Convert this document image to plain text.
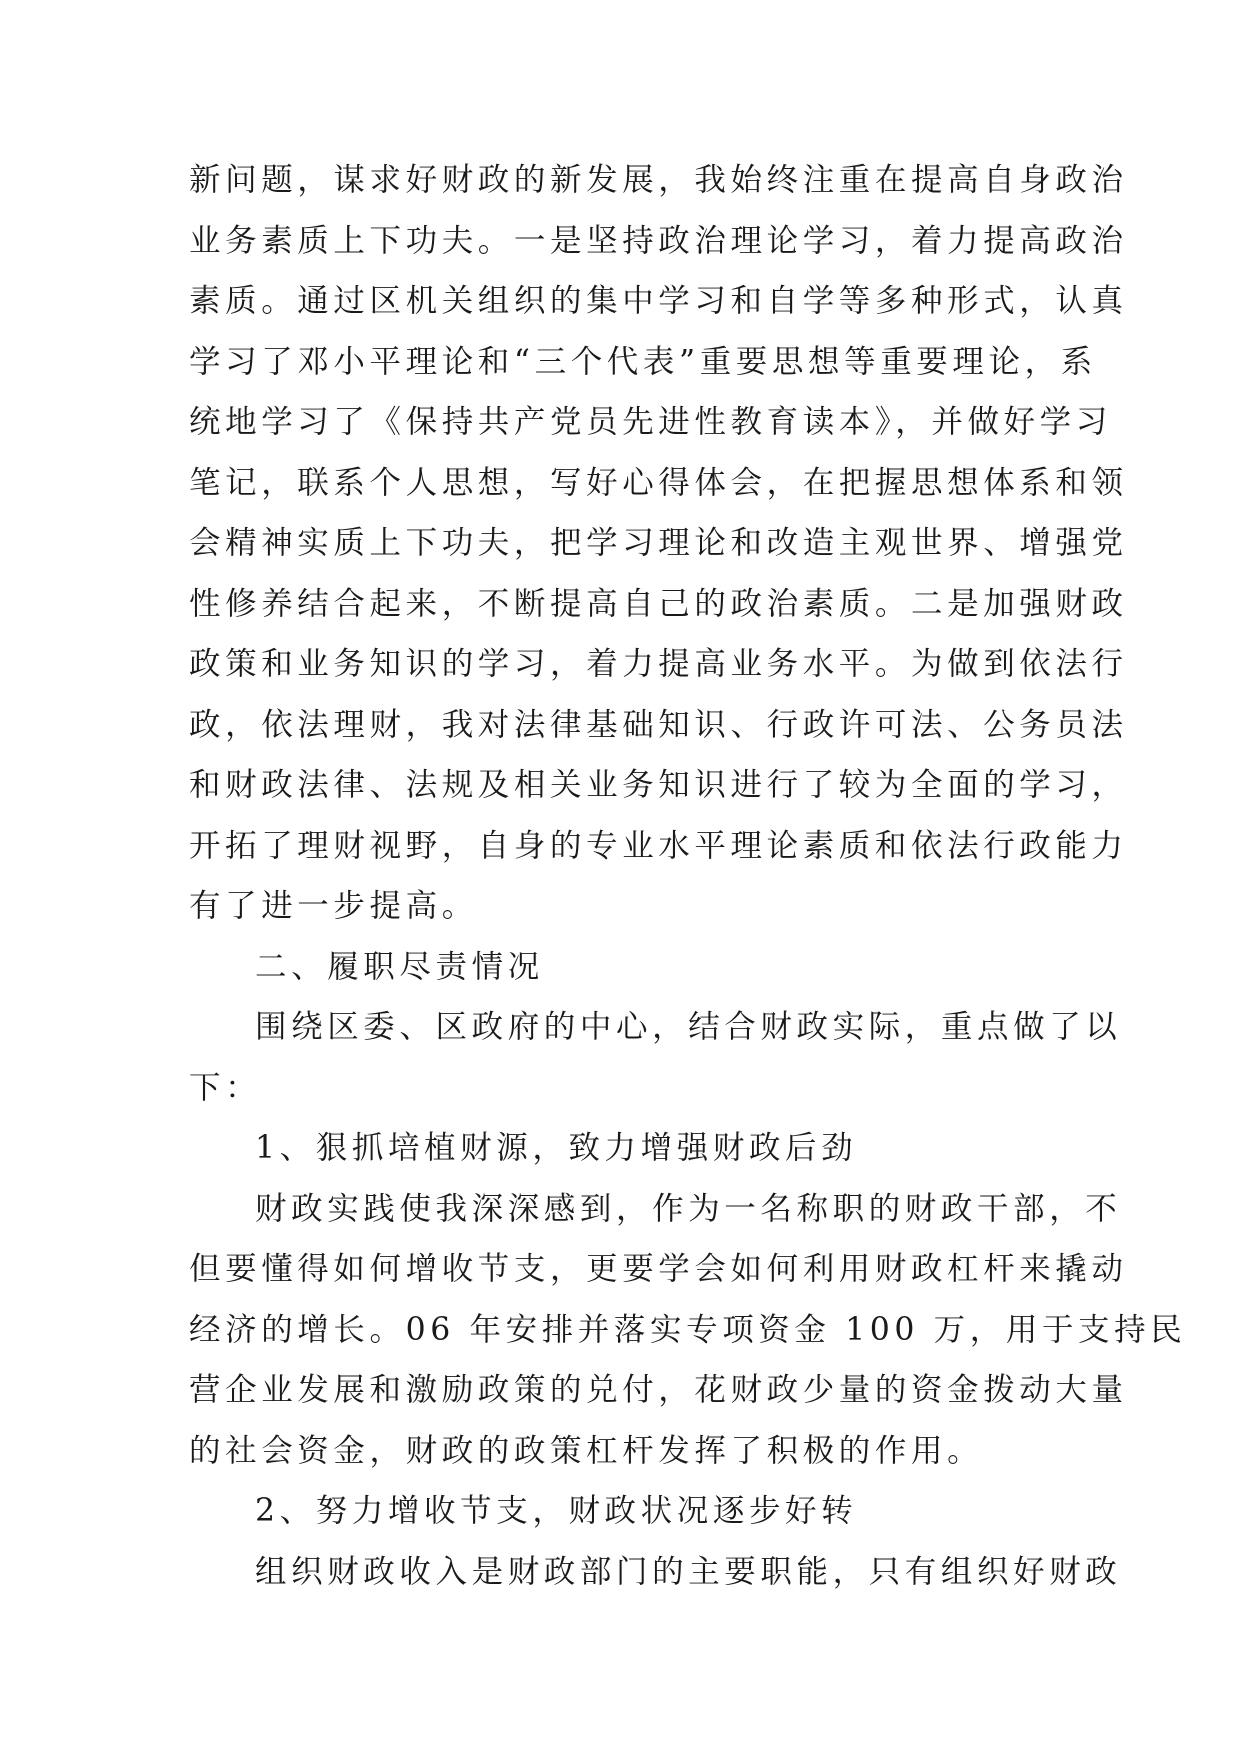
新问题，谋求好财政的新发展，我始终注重在提高自身政治
业务素质上下功夫。一是坚持政治理论学习，着力提高政治
素质。通过区机关组织的集中学习和自学等多种形式，认真
学习了邓小平理论和“三个代表”重要思想等重要理论，系
统地学习了《保持共产党员先进性教育读本》，并做好学习
笔记，联系个人思想，写好心得体会，在把握思想体系和领
会精神实质上下功夫，把学习理论和改造主观世界、增强党
性修养结合起来，不断提高自己的政治素质。二是加强财政
政策和业务知识的学习，着力提高业务水平。为做到依法行
政，依法理财，我对法律基础知识、行政许可法、公务员法
和财政法律、法规及相关业务知识进行了较为全面的学习，
开拓了理财视野，自身的专业水平理论素质和依法行政能力
有了进一步提高。
二、履职尽责情况
围绕区委、区政府的中心，结合财政实际，重点做了以
下：
1、狠抓培植财源，致力增强财政后劲
财政实践使我深深感到，作为一名称职的财政干部，不
但要懂得如何增收节支，更要学会如何利用财政杠杆来撬动
经济的增长。06 年安排并落实专项资金 100 万，用于支持民
营企业发展和激励政策的兑付，花财政少量的资金拨动大量
的社会资金，财政的政策杠杆发挥了积极的作用。
2、努力增收节支，财政状况逐步好转
组织财政收入是财政部门的主要职能，只有组织好财政
